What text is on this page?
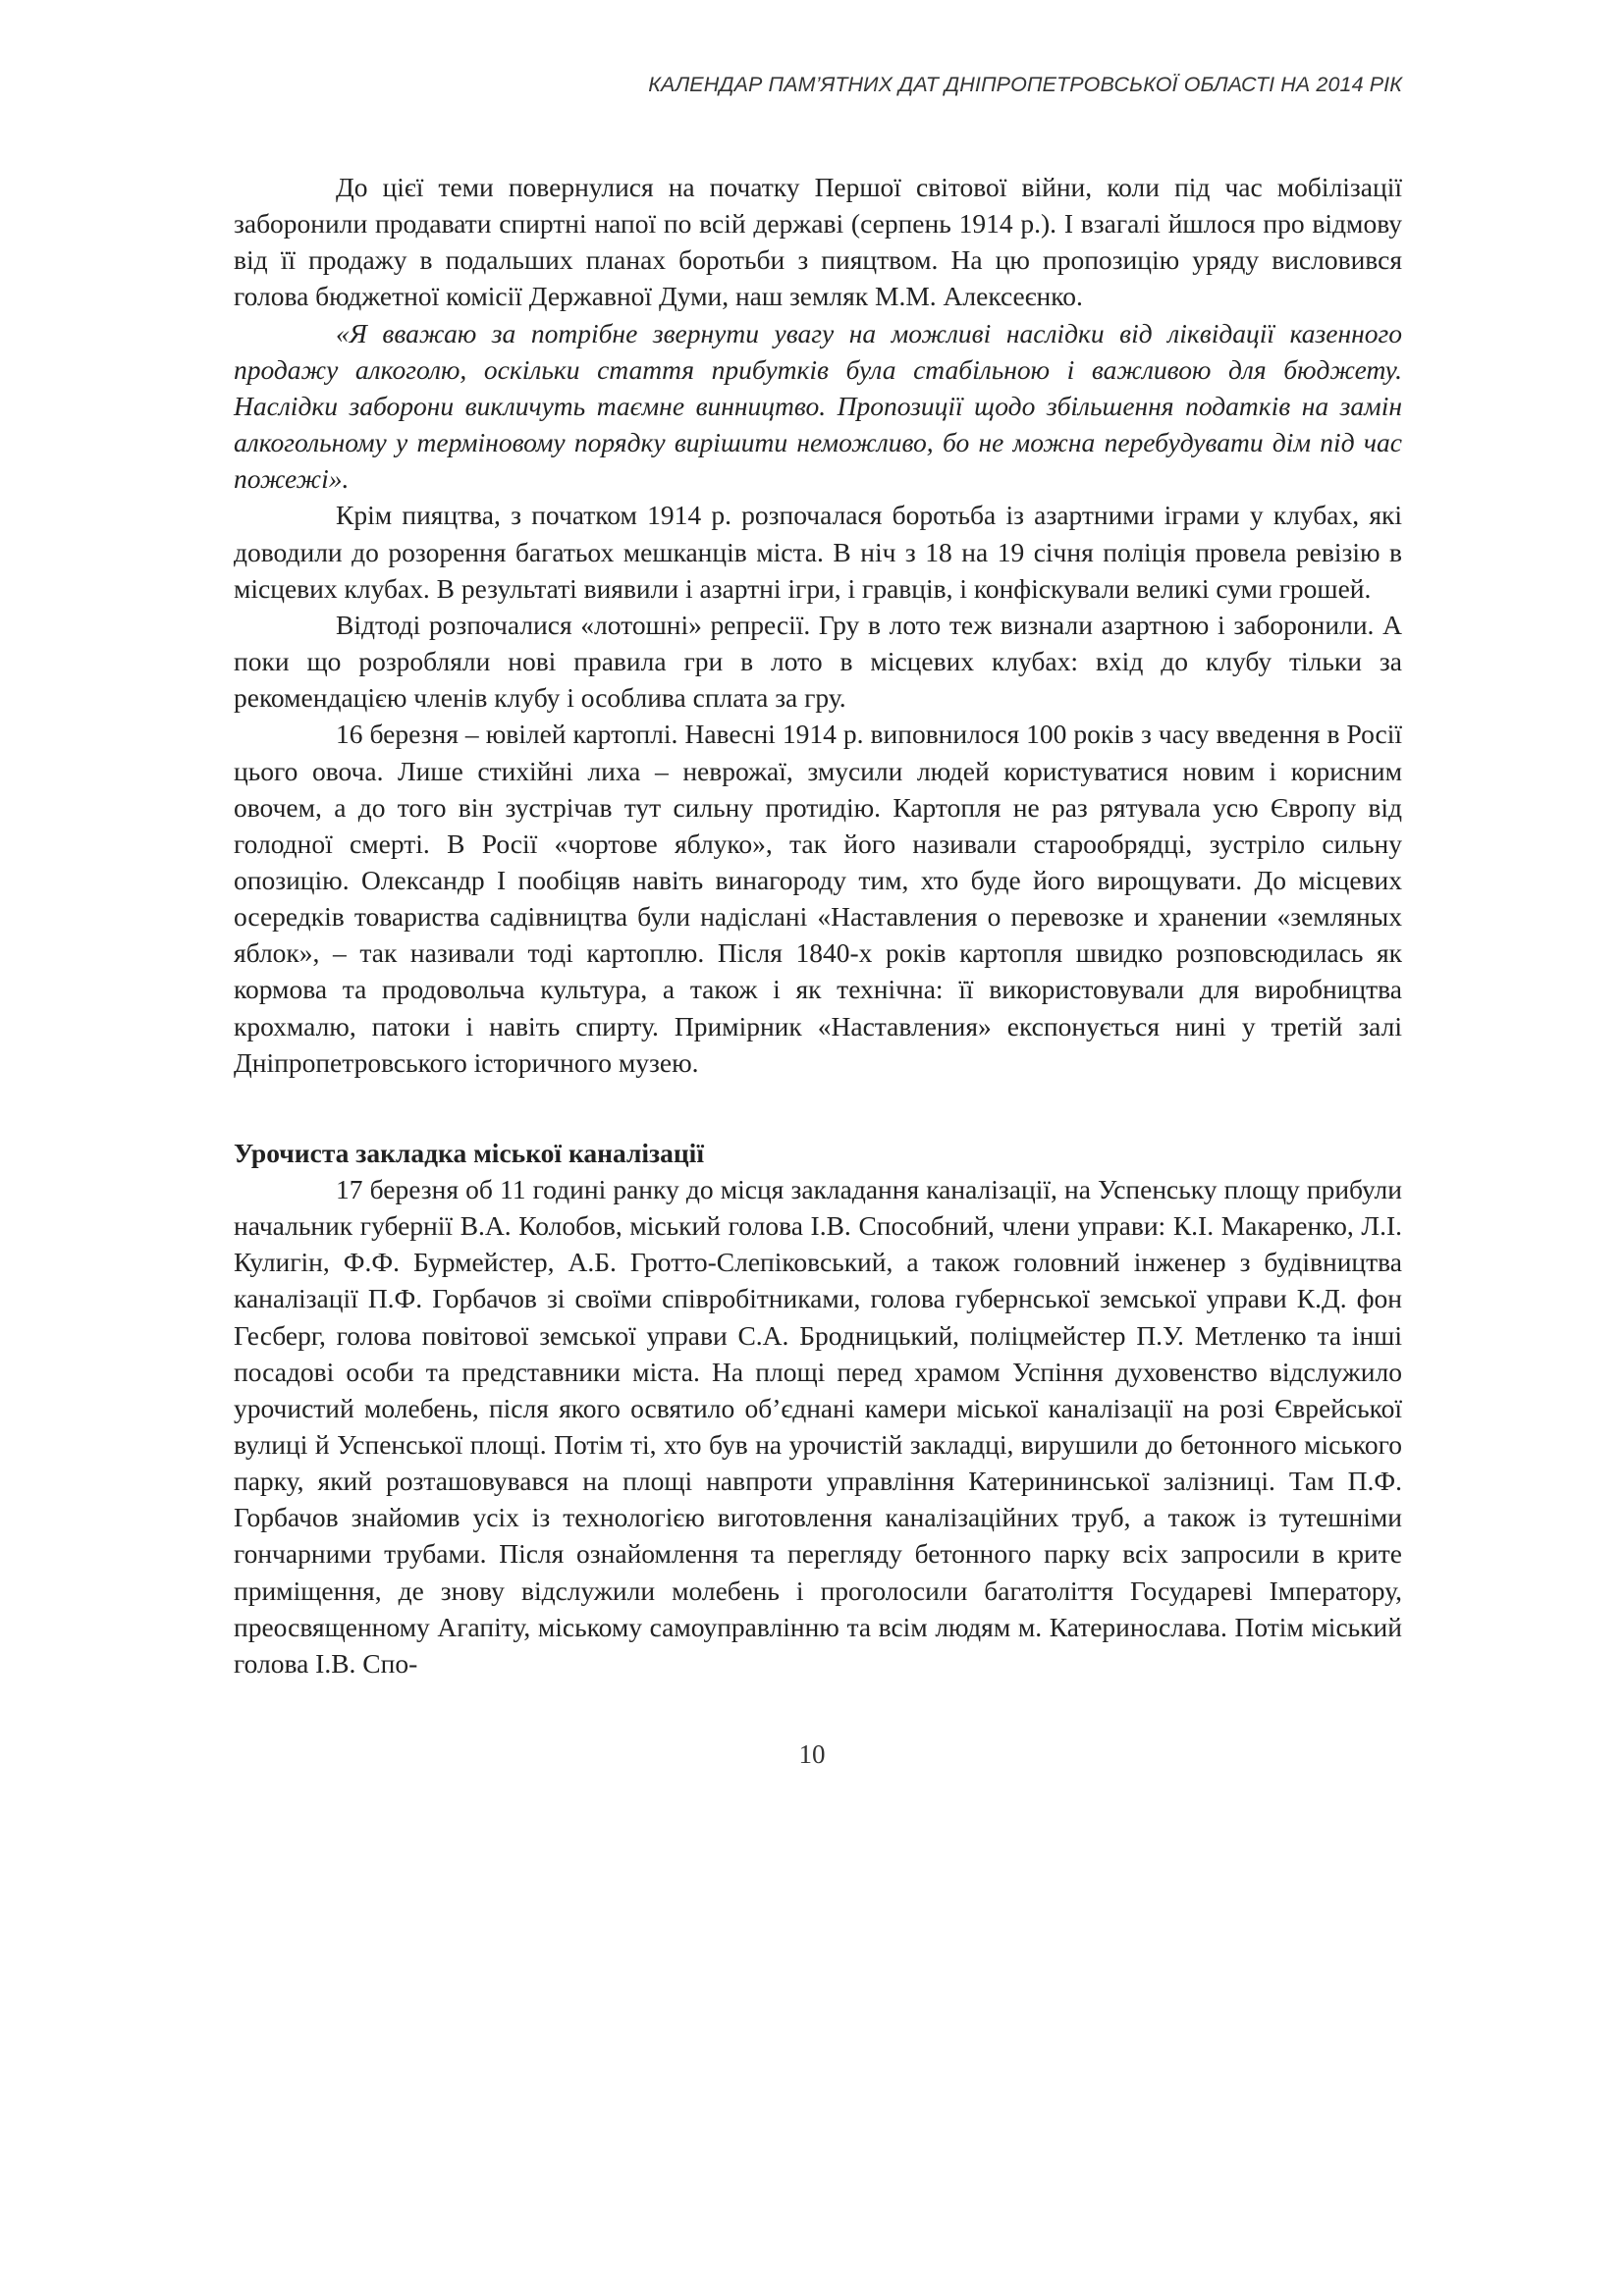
КАЛЕНДАР ПАМ’ЯТНИХ ДАТ ДНІПРОПЕТРОВСЬКОЇ ОБЛАСТІ НА 2014 РІК

До цієї теми повернулися на початку Першої світової війни, коли під час мобілізації заборонили продавати спиртні напої по всій державі (серпень 1914 р.). І взагалі йшлося про відмову від її продажу в подальших планах боротьби з пияцтвом. На цю пропозицію уряду висловився голова бюджетної комісії Державної Думи, наш земляк М.М. Алексеєнко.

«Я вважаю за потрібне звернути увагу на можливі наслідки від ліквідації казенного продажу алкоголю, оскільки стаття прибутків була стабільною і важливою для бюджету. Наслідки заборони викличуть таємне винництво. Пропозиції щодо збільшення податків на замін алкогольному у терміновому порядку вирішити неможливо, бо не можна перебудувати дім під час пожежі».

Крім пияцтва, з початком 1914 р. розпочалася боротьба із азартними іграми у клубах, які доводили до розорення багатьох мешканців міста. В ніч з 18 на 19 січня поліція провела ревізію в місцевих клубах. В результаті виявили і азартні ігри, і гравців, і конфіскували великі суми грошей.

Відтоді розпочалися «лотошні» репресії. Гру в лото теж визнали азартною і заборонили. А поки що розробляли нові правила гри в лото в місцевих клубах: вхід до клубу тільки за рекомендацією членів клубу і особлива сплата за гру.

16 березня – ювілей картоплі. Навесні 1914 р. виповнилося 100 років з часу введення в Росії цього овоча. Лише стихійні лиха – неврожаї, змусили людей користуватися новим і корисним овочем, а до того він зустрічав тут сильну протидію. Картопля не раз рятувала усю Європу від голодної смерті. В Росії «чортове яблуко», так його називали старообрядці, зустріло сильну опозицію. Олександр І пообіцяв навіть винагороду тим, хто буде його вирощувати. До місцевих осередків товариства садівництва були надіслані «Наставления о перевозке и хранении «земляных яблок», – так називали тоді картоплю. Після 1840-х років картопля швидко розповсюдилась як кормова та продовольча культура, а також і як технічна: її використовували для виробництва крохмалю, патоки і навіть спирту. Примірник «Наставления» експонується нині у третій залі Дніпропетровського історичного музею.

Урочиста закладка міської каналізації

17 березня об 11 годині ранку до місця закладання каналізації, на Успенську площу прибули начальник губернії В.А. Колобов, міський голова І.В. Способний, члени управи: К.І. Макаренко, Л.І. Кулигін, Ф.Ф. Бурмейстер, А.Б. Гротто-Слепіковський, а також головний інженер з будівництва каналізації П.Ф. Горбачов зі своїми співробітниками, голова губернської земської управи К.Д. фон Гесберг, голова повітової земської управи С.А. Бродницький, поліцмейстер П.У. Метленко та інші посадові особи та представники міста. На площі перед храмом Успіння духовенство відслужило урочистий молебень, після якого освятило об’єднані камери міської каналізації на розі Єврейської вулиці й Успенської площі. Потім ті, хто був на урочистій закладці, вирушили до бетонного міського парку, який розташовувався на площі навпроти управління Катерининської залізниці. Там П.Ф. Горбачов знайомив усіх із технологією виготовлення каналізаційних труб, а також із тутешніми гончарними трубами. Після ознайомлення та перегляду бетонного парку всіх запросили в крите приміщення, де знову відслужили молебень і проголосили багатоліття Государеві Імператору, преосвященному Агапіту, міському самоуправлінню та всім людям м. Катеринослава. Потім міський голова І.В. Спо-

10
